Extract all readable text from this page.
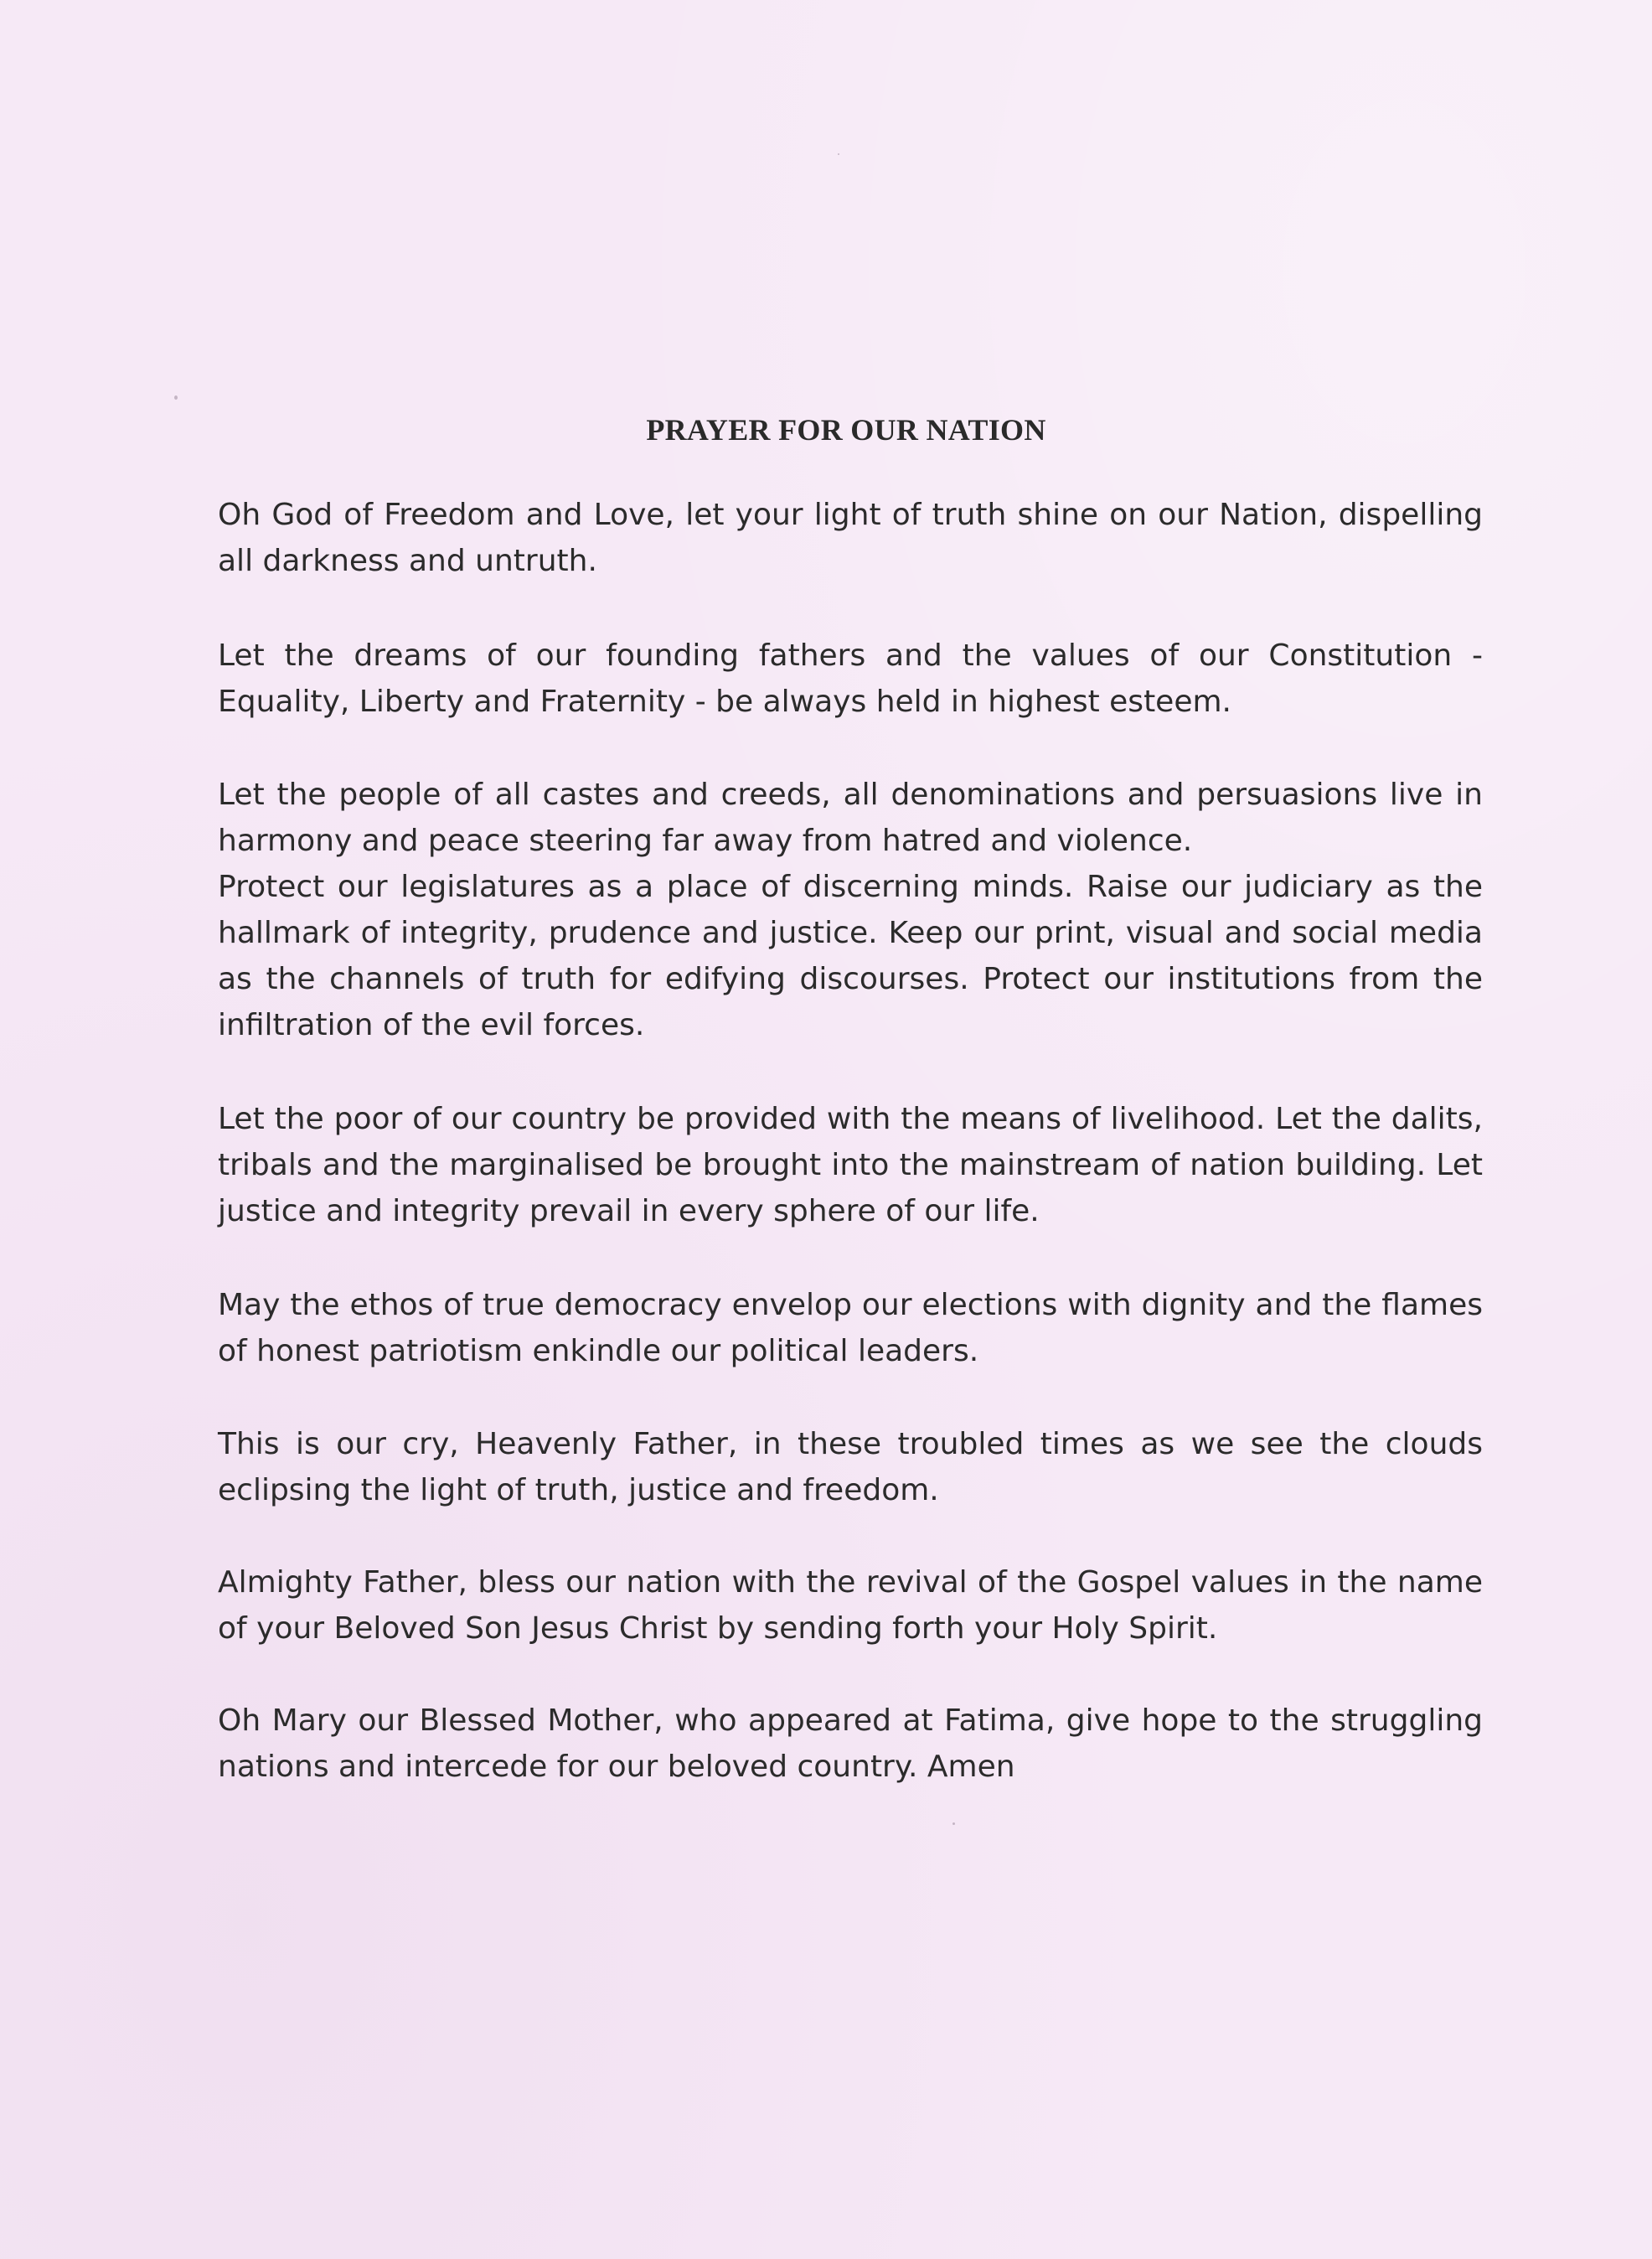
PRAYER FOR OUR NATION

Oh God of Freedom and Love, let your light of truth shine on our Nation, dispelling all darkness and untruth.

Let the dreams of our founding fathers and the values of our Constitution - Equality, Liberty and Fraternity - be always held in highest esteem.

Let the people of all castes and creeds, all denominations and persuasions live in harmony and peace steering far away from hatred and violence.

Protect our legislatures as a place of discerning minds. Raise our judiciary as the hallmark of integrity, prudence and justice. Keep our print, visual and social media as the channels of truth for edifying discourses. Protect our institutions from the infiltration of the evil forces.

Let the poor of our country be provided with the means of livelihood. Let the dalits, tribals and the marginalised be brought into the mainstream of nation building. Let justice and integrity prevail in every sphere of our life.

May the ethos of true democracy envelop our elections with dignity and the flames of honest patriotism enkindle our political leaders.

This is our cry, Heavenly Father, in these troubled times as we see the clouds eclipsing the light of truth, justice and freedom.

Almighty Father, bless our nation with the revival of the Gospel values in the name of your Beloved Son Jesus Christ by sending forth your Holy Spirit.

Oh Mary our Blessed Mother, who appeared at Fatima, give hope to the struggling nations and intercede for our beloved country. Amen
